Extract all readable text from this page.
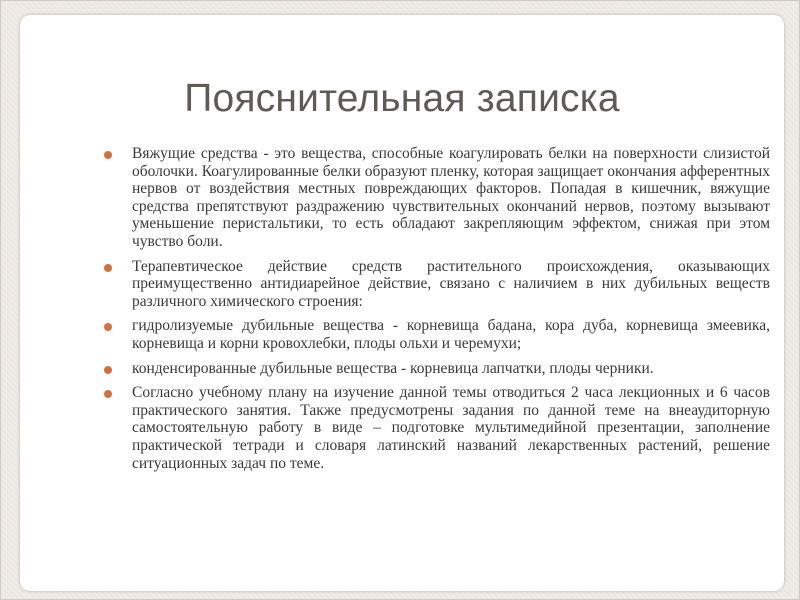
Пояснительная записка
Вяжущие средства - это вещества, способные коагулировать белки на поверхности слизистой оболочки. Коагулированные белки образуют пленку, которая защищает окончания афферентных нервов от воздействия местных повреждающих факторов. Попадая в кишечник, вяжущие средства препятствуют раздражению чувствительных окончаний нервов, поэтому вызывают уменьшение перистальтики, то есть обладают закрепляющим эффектом, снижая при этом чувство боли.
Терапевтическое действие средств растительного происхождения, оказывающих преимущественно антидиарейное действие, связано с наличием в них дубильных веществ различного химического строения:
гидролизуемые дубильные вещества - корневища бадана, кора дуба, корневища змеевика, корневища и корни кровохлебки, плоды ольхи и черемухи;
конденсированные дубильные вещества - корневица лапчатки, плоды черники.
Согласно учебному плану на изучение данной темы отводиться 2 часа лекционных и 6 часов практического занятия. Также предусмотрены задания по данной теме на внеаудиторную самостоятельную работу в виде – подготовке мультимедийной презентации, заполнение практической тетради и словаря латинский названий лекарственных растений, решение ситуационных задач по теме.
